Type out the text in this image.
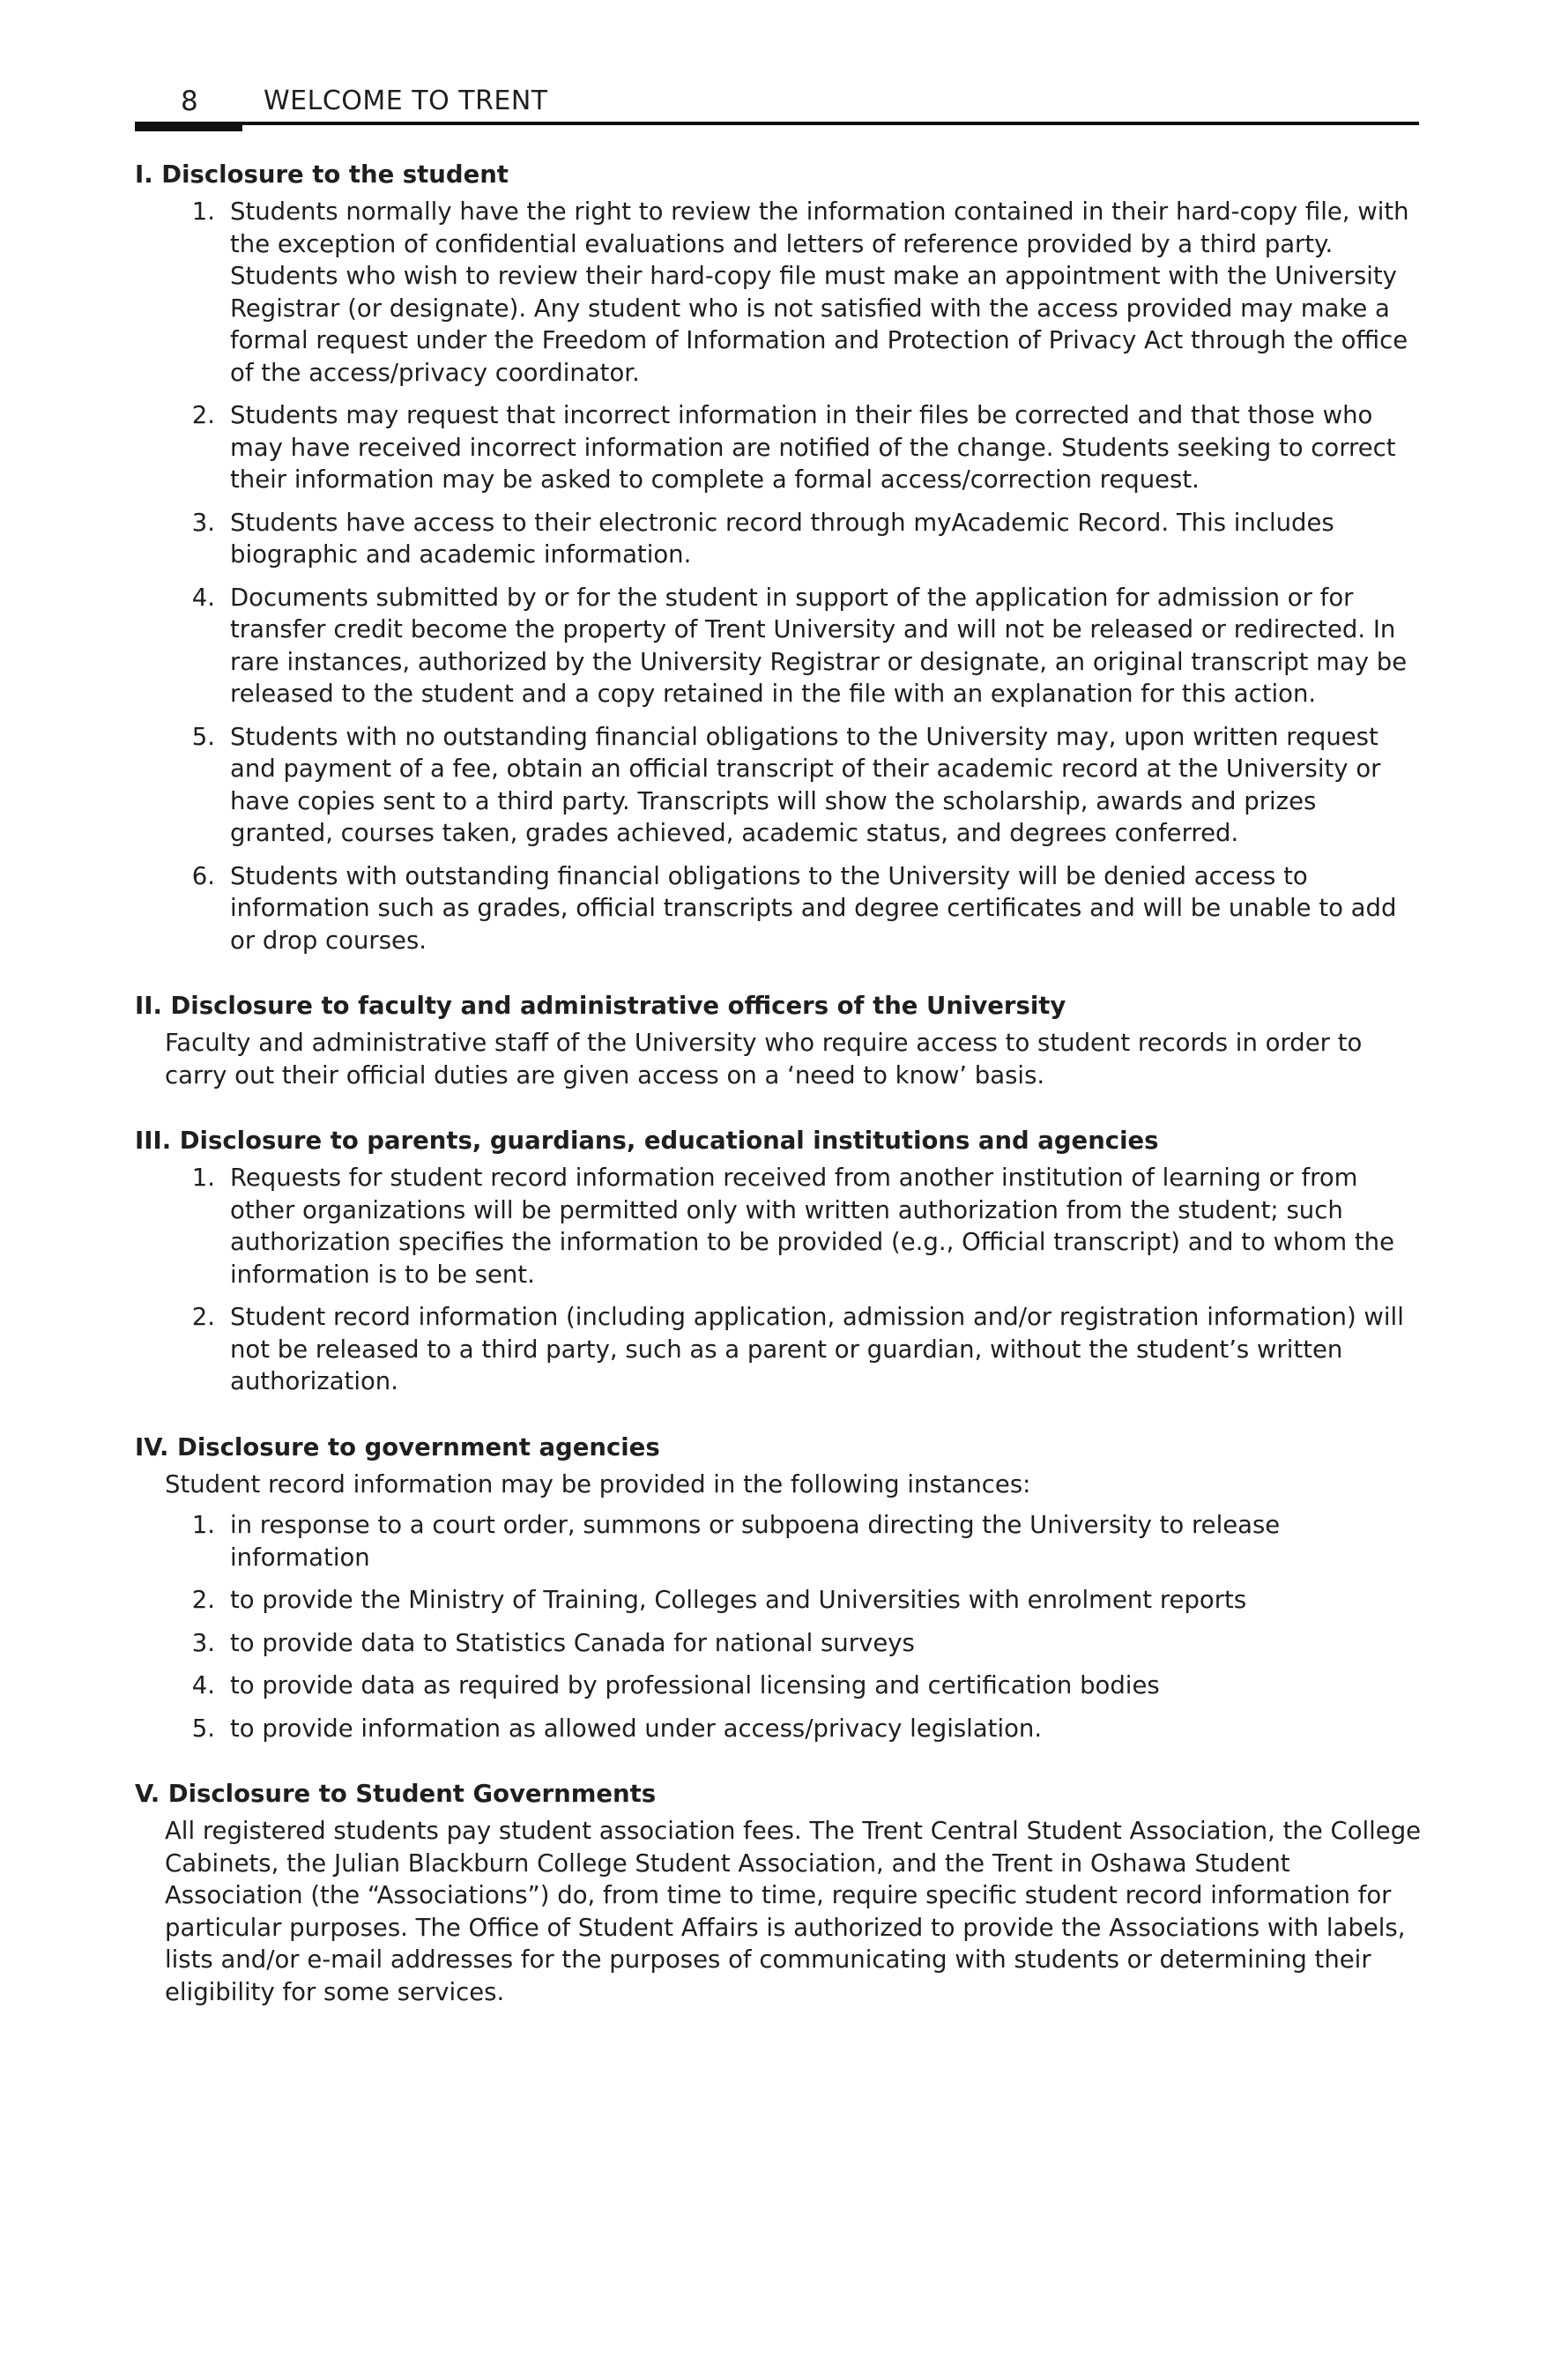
8 WELCOME TO TRENT
I. Disclosure to the student
1. Students normally have the right to review the information contained in their hard-copy file, with the exception of confidential evaluations and letters of reference provided by a third party. Students who wish to review their hard-copy file must make an appointment with the University Registrar (or designate). Any student who is not satisfied with the access provided may make a formal request under the Freedom of Information and Protection of Privacy Act through the office of the access/privacy coordinator.
2. Students may request that incorrect information in their files be corrected and that those who may have received incorrect information are notified of the change. Students seeking to correct their information may be asked to complete a formal access/correction request.
3. Students have access to their electronic record through myAcademic Record. This includes biographic and academic information.
4. Documents submitted by or for the student in support of the application for admission or for transfer credit become the property of Trent University and will not be released or redirected. In rare instances, authorized by the University Registrar or designate, an original transcript may be released to the student and a copy retained in the file with an explanation for this action.
5. Students with no outstanding financial obligations to the University may, upon written request and payment of a fee, obtain an official transcript of their academic record at the University or have copies sent to a third party. Transcripts will show the scholarship, awards and prizes granted, courses taken, grades achieved, academic status, and degrees conferred.
6. Students with outstanding financial obligations to the University will be denied access to information such as grades, official transcripts and degree certificates and will be unable to add or drop courses.
II. Disclosure to faculty and administrative officers of the University

Faculty and administrative staff of the University who require access to student records in order to carry out their official duties are given access on a ‘need to know’ basis.

III. Disclosure to parents, guardians, educational institutions and agencies
1. Requests for student record information received from another institution of learning or from other organizations will be permitted only with written authorization from the student; such authorization specifies the information to be provided (e.g., Official transcript) and to whom the information is to be sent.
2. Student record information (including application, admission and/or registration information) will not be released to a third party, such as a parent or guardian, without the student’s written authorization.
IV. Disclosure to government agencies

Student record information may be provided in the following instances:

1. in response to a court order, summons or subpoena directing the University to release information
2. to provide the Ministry of Training, Colleges and Universities with enrolment reports
3. to provide data to Statistics Canada for national surveys
4. to provide data as required by professional licensing and certification bodies
5. to provide information as allowed under access/privacy legislation.
V. Disclosure to Student Governments

All registered students pay student association fees. The Trent Central Student Association, the College Cabinets, the Julian Blackburn College Student Association, and the Trent in Oshawa Student Association (the “Associations”) do, from time to time, require specific student record information for particular purposes. The Office of Student Affairs is authorized to provide the Associations with labels, lists and/or e-mail addresses for the purposes of communicating with students or determining their eligibility for some services.
